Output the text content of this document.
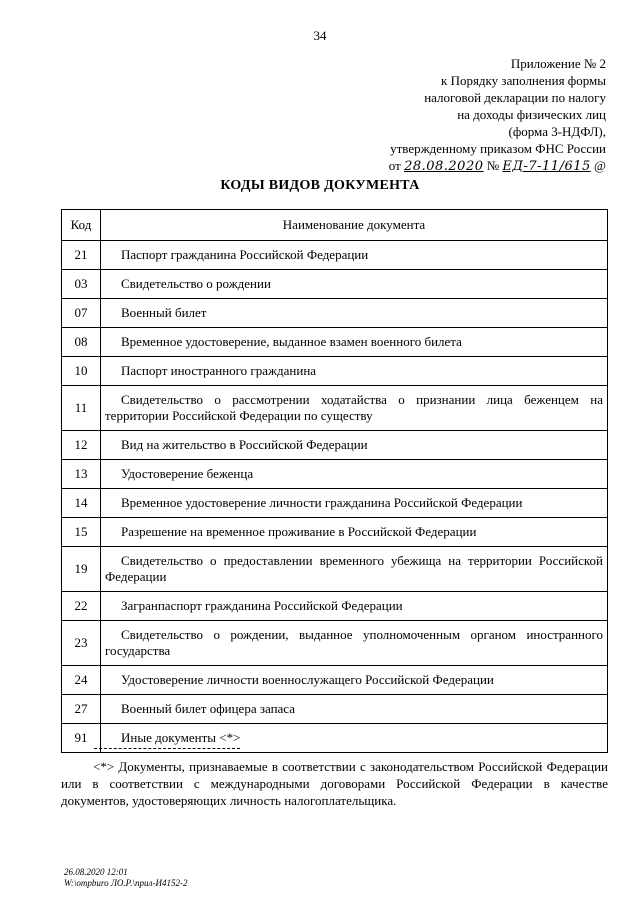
34
Приложение № 2
к Порядку заполнения формы
налоговой декларации по налогу
на доходы физических лиц
(форма 3-НДФЛ),
утвержденному приказом ФНС России
от 28.08.2020 № ЕД-7-11/615 @
КОДЫ ВИДОВ ДОКУМЕНТА
Код	Наименование документа
21	Паспорт гражданина Российской Федерации
03	Свидетельство о рождении
07	Военный билет
08	Временное удостоверение, выданное взамен военного билета
10	Паспорт иностранного гражданина
11	Свидетельство о рассмотрении ходатайства о признании лица беженцем на территории Российской Федерации по существу
12	Вид на жительство в Российской Федерации
13	Удостоверение беженца
14	Временное удостоверение личности гражданина Российской Федерации
15	Разрешение на временное проживание в Российской Федерации
19	Свидетельство о предоставлении временного убежища на территории Российской Федерации
22	Загранпаспорт гражданина Российской Федерации
23	Свидетельство о рождении, выданное уполномоченным органом иностранного государства
24	Удостоверение личности военнослужащего Российской Федерации
27	Военный билет офицера запаса
91	Иные документы <*>
<*> Документы, признаваемые в соответствии с законодательством Российской Федерации или в соответствии с международными договорами Российской Федерации в качестве документов, удостоверяющих личность налогоплательщика.
26.08.2020 12:01
W:\ompburo ЛО.Р.\прил-И4152-2
